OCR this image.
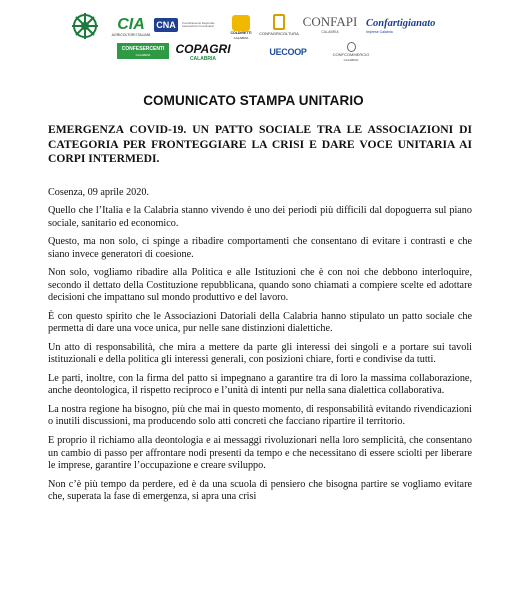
CIA
AGRICOLTORI ITALIANI
CNA Coordinamento Regionale Associazioni Consumatori
COLDIRETTI
CALABRIA
CONFAGRICOLTURA
CONFAPI
CALABRIA
Confartigianato
Imprese Calabria
CONFESERCENTI
CALABRIA COPAGRI
CALABRIA
UECOOP	CONFCOMMERCIO
CALABRIA
COMUNICATO STAMPA UNITARIO
EMERGENZA COVID-19. UN PATTO SOCIALE TRA LE ASSOCIAZIONI DI CATEGORIA PER FRONTEGGIARE LA CRISI E DARE VOCE UNITARIA AI CORPI INTERMEDI.

Cosenza, 09 aprile 2020.

Quello che l’Italia e la Calabria stanno vivendo è uno dei periodi più difficili dal dopoguerra sul piano sociale, sanitario ed economico.

Questo, ma non solo, ci spinge a ribadire comportamenti che consentano di evitare i contrasti e che siano invece generatori di coesione.

Non solo, vogliamo ribadire alla Politica e alle Istituzioni che è con noi che debbono interloquire, secondo il dettato della Costituzione repubblicana, quando sono chiamati a compiere scelte ed adottare decisioni che impattano sul mondo produttivo e del lavoro.

È con questo spirito che le Associazioni Datoriali della Calabria hanno stipulato un patto sociale che permetta di dare una voce unica, pur nelle sane distinzioni dialettiche.

Un atto di responsabilità, che mira a mettere da parte gli interessi dei singoli e a portare sui tavoli istituzionali e della politica gli interessi generali, con posizioni chiare, forti e condivise da tutti.

Le parti, inoltre, con la firma del patto si impegnano a garantire tra di loro la massima collaborazione, anche deontologica, il rispetto reciproco e l’unità di intenti pur nella sana dialettica collaborativa.

La nostra regione ha bisogno, più che mai in questo momento, di responsabilità evitando rivendicazioni o inutili discussioni, ma producendo solo atti concreti che facciano ripartire il territorio.

E proprio il richiamo alla deontologia e ai messaggi rivoluzionari nella loro semplicità, che consentano un cambio di passo per affrontare nodi presenti da tempo e che necessitano di essere sciolti per liberare le imprese, garantire l’occupazione e creare sviluppo.

Non c’è più tempo da perdere, ed è da una scuola di pensiero che bisogna partire se vogliamo evitare che, superata la fase di emergenza, si apra una crisi
